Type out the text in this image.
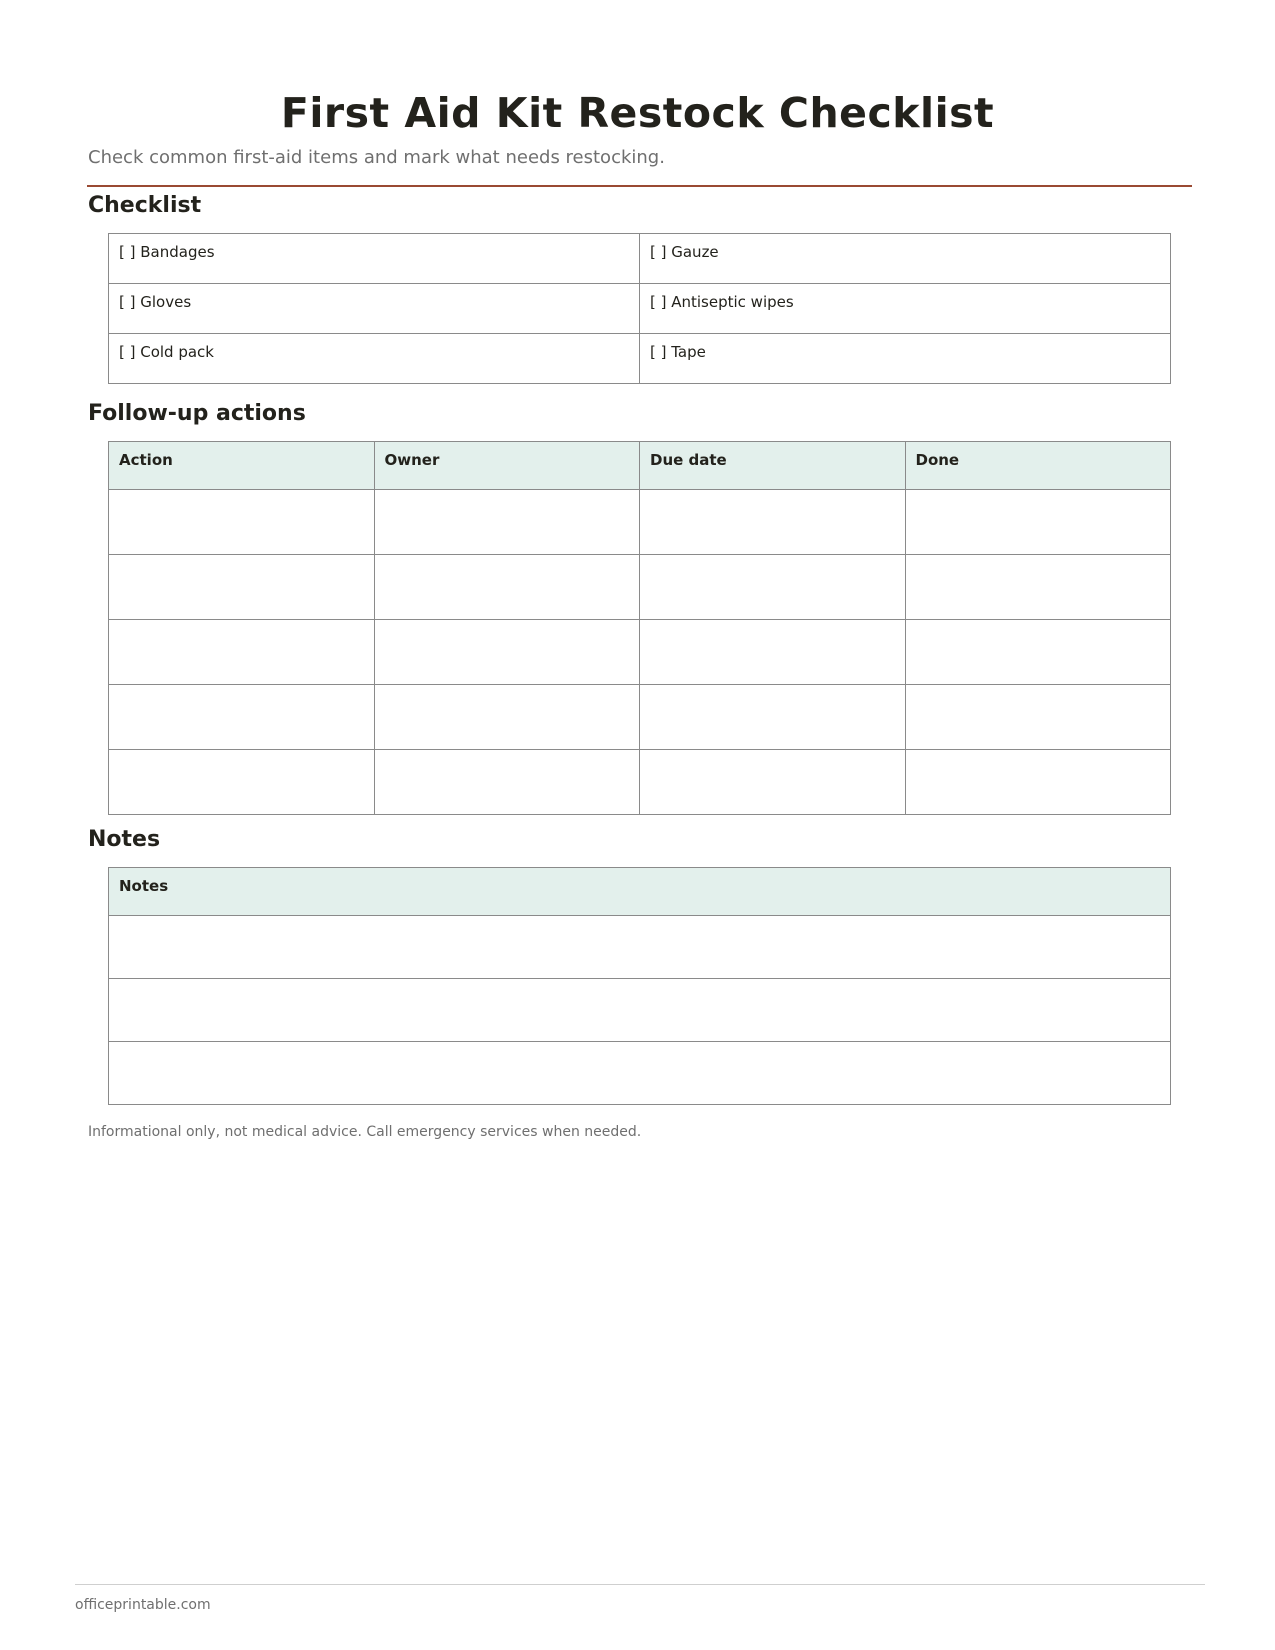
First Aid Kit Restock Checklist

Check common first-aid items and mark what needs restocking.

Checklist
[ ] Bandages	[ ] Gauze
[ ] Gloves	[ ] Antiseptic wipes
[ ] Cold pack	[ ] Tape
Follow-up actions
Action	Owner	Due date	Done

Notes
Notes

Informational only, not medical advice. Call emergency services when needed.

officeprintable.com
